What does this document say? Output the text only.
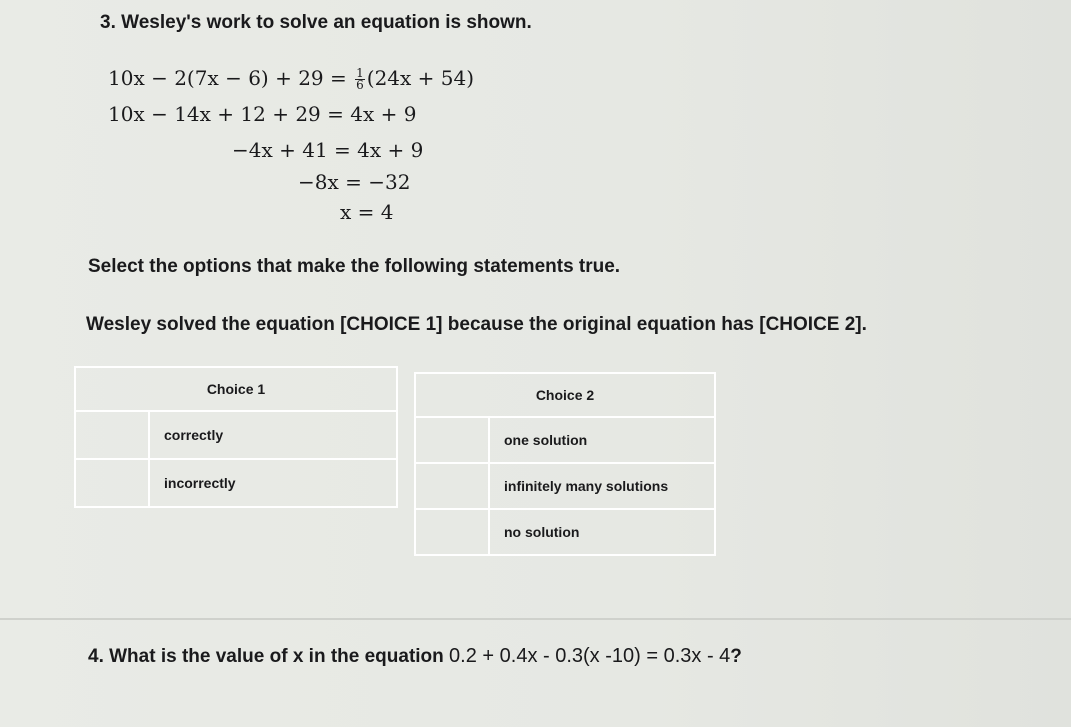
3. Wesley's work to solve an equation is shown.
$10x - 2(7x - 6) + 29 = \frac{1}{6} (24x + 54)$
10x − 14x + 12 + 29 = 4x + 9
−4x + 41 = 4x + 9
−8x = −32
x = 4
Select the options that make the following statements true.
Wesley solved the equation [CHOICE 1] because the original equation has [CHOICE 2].
Choice 1	
	correctly
	incorrectly
Choice 2	
	one solution
	infinitely many solutions
	no solution
4. What is the value of x in the equation 0.2 + 0.4x - 0.3(x -10) = 0.3x - 4?
